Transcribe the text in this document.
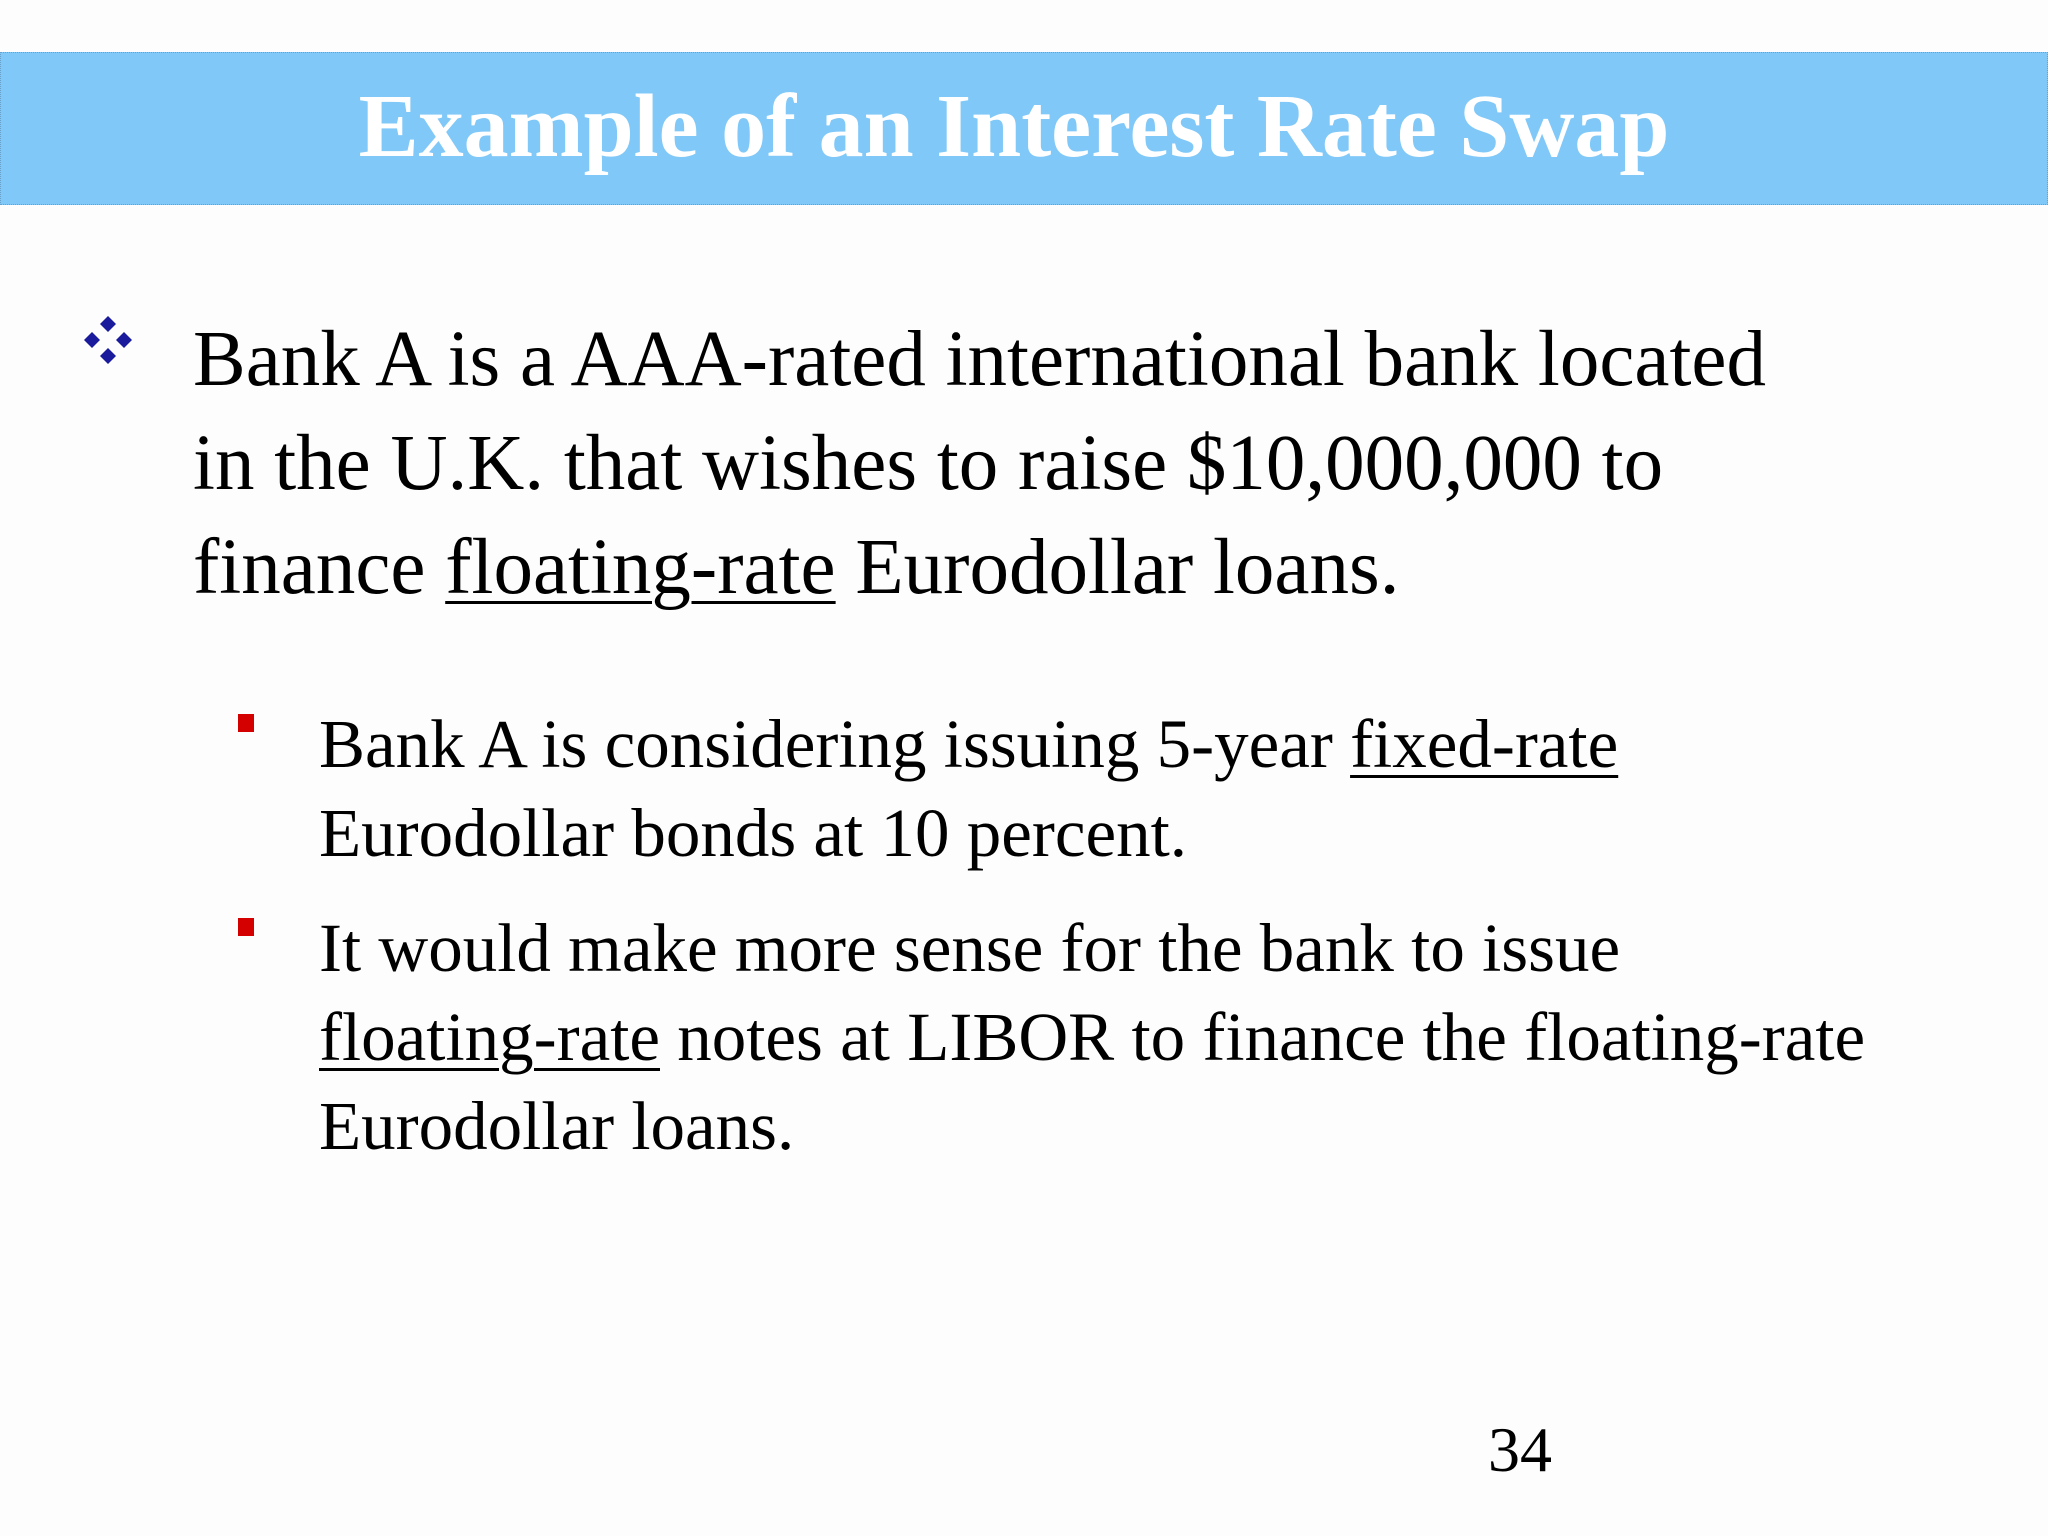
Example of an Interest Rate Swap
Bank A is a AAA-rated international bank located
in the U.K. that wishes to raise $10,000,000 to
finance floating-rate Eurodollar loans.
Bank A is considering issuing 5-year fixed-rate
Eurodollar bonds at 10 percent.
It would make more sense for the bank to issue
floating-rate notes at LIBOR to finance the floating-rate
Eurodollar loans.
34
